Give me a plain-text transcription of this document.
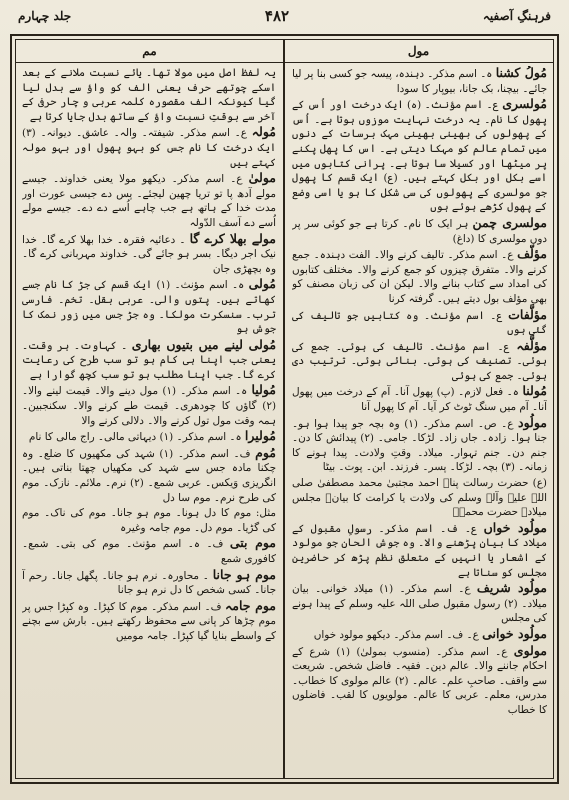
جلد چہارم	۴۸۲	فرہنگِ آصفیہ
مم	مول

مُولُ کشنا ہ۔ اسم مذکر۔ دہندہ، پیسہ جو کسی بنا پر لیا جائے۔ بیچنا، بک جانا، بیوپار کا سودا

مُولسری ع۔ اسم مؤنث۔ (ہ) ایک درخت اور اُس کے پھول کا نام۔ یہ درخت نہایت موزوں ہوتا ہے۔ اُس کے پھولوں کی بھینی بھینی مہک برسات کے دنوں میں تمام عالم کو مہکا دیتی ہے۔ اس کا پھل پکنے پر میٹھا اور کسیلا سا ہوتا ہے۔ پرانی کتابوں میں اسے بکل اور بکل کہتے ہیں۔ (ع) ایک قسم کا پھول جو مولسری کے پھولوں کی سی شکل کا ہو یا اسی وضع کے پھول کڑھے ہوئے ہوں

مولسری چمن ہر ایک کا نام۔ کرتا ہے جو کوئی سر پر دوں مولسری کا (داغ)

مؤلّف ع۔ اسم مذکر۔ تالیف کرنے والا۔ الفت دہندہ۔ جمع کرنے والا۔ متفرق چیزوں کو جمع کرنے والا۔ مختلف کتابوں کی امداد سے کتاب بنانے والا۔ لیکن ان کی زبان مصنف کو بھی مؤلف بول دیتے ہیں۔ گرفتہ کرنا

مؤلَّفات ع۔ اسم مؤنث۔ وہ کتابیں جو تالیف کی گئی ہوں

مؤلَّفہ ع۔ اسم مؤنث۔ تالیف کی ہوئی۔ جمع کی ہوئی۔ تصنیف کی ہوئی۔ بنائی ہوئی۔ ترتیب دی ہوئی۔ جمع کی ہوئی

مُولنا ہ۔ فعل لازم۔ (پ) پھول آنا۔ آم کے درخت میں پھول آنا۔ آم میں سنگ ٹوٹ کر آیا۔ آم کا پھول آنا

مولُود ع۔ ص۔ اسم مذکر۔ (۱) وہ بچہ جو پیدا ہوا ہو۔ جنا ہوا۔ زادہ۔ جاں زاد۔ لڑکا۔ جامی۔ (۲) پیدائش کا دن۔ جنم دن۔ جنم تہوار۔ میلاد۔ وقتِ ولادت۔ پیدا ہونے کا زمانہ۔ (۳) بچہ۔ لڑکا۔ پسر۔ فرزند۔ ابن۔ پوت۔ بیٹا

(ع) حضرت رسالت پناہ احمد مجتبیٰ محمد مصطفیٰ صلی اللہ علیہ وآلہ وسلم کی ولادت یا کرامت کا بیان۔ مجلس میلاد۔ حضرت محمدؐ

مولُود خواں ع۔ ف۔ اسم مذکر۔ رسولِ مقبول کے میلاد کا بیان پڑھنے والا۔ وہ جوش الحان جو مولود کے اشعار یا انہیں کے متعلق نظم پڑھ کر حاضرین مجلس کو سناتا ہے

مولُود شریف ع۔ اسم مذکر۔ (۱) میلاد خوانی۔ بیان میلاد۔ (۲) رسول مقبول صلی اللہ علیہ وسلم کے پیدا ہونے کی مجلس

مولُود خوانی ع۔ ف۔ اسم مذکر۔ دیکھو مولود خواں

مولوی ع۔ اسم مذکر۔ (منسوب بمولیٰ) (۱) شرع کے احکام جاننے والا۔ عالم دین۔ فقیہ۔ فاضل شخص۔ شریعت سے واقف۔ صاحبِ علم۔ عالم۔ (۲) عالم مولوی کا خطاب۔ مدرس، معلم۔ عربی کا عالم۔ مولویوں کا لقب۔ فاضلوں کا خطاب

یہ لفظ اصل میں مولا تھا۔ یائے نسبت ملانے کے بعد اسکے چوتھے حرف یعنی الف کو واؤ سے بدل لیا گیا کیونکہ الف مقصورہ کلمہ عربی و چار حرفی کے آخر سے بوقتِ نسبت واؤ کے ساتھ بدل جایا کرتا ہے

مُولہ ع۔ اسم مذکر۔ شیفتہ۔ والہ۔ عاشق۔ دیوانہ۔ (۳) ایک درخت کا نام جس کو بہو پھول اور بہو مولہ کہتے ہیں

مولیٰ ع۔ اسم مذکر۔ دیکھو مولا یعنی خداوند۔ جیسے مولے آدھ پا تو تریا چھین لیجئے۔ پس دے جیسی عورت اور مدت خدا کے ہاتھ ہے جب چاہے اُسے دے دے۔ جیسے مولے اُسے دے آسف الدّولہ

مولے بھلا کرے گا ۔ دعائیہ فقرہ۔ خدا بھلا کرے گا۔ خدا نیک اجر دیگا۔ بسر ہو جائے گی۔ خداوند مہربانی کرے گا۔ وہ بچھڑی جان

مُولی ہ۔ اسم مؤنث۔ (۱) ایک قسم کی جڑ کا نام جسے کھاتے ہیں۔ پتوں والی۔ عربی بقل۔ تخم۔ فارسی ترب۔ سنسکرت مولکا۔ وہ جڑ جس میں زور نمک کا جوش ہو

مُولی لینے میں بتیوں بھاری ۔ کہاوت۔ ہر وقت۔ یعنی جب اپنا ہی کام ہو تو سب طرح کی رعایت کرے گا۔ جب اپنا مطلب ہو تو سب کچھ گوارا ہے

مُولیا ہ۔ اسم مذکر۔ (۱) مول دینے والا۔ قیمت لینے والا۔ (۲) گاؤں کا چودھری۔ قیمت طے کرنے والا۔ سکنجبین۔ ہمہ وقت مول تول کرنے والا۔ دلالی کرنے والا

مُولیرا ہ۔ اسم مذکر۔ (۱) دیہاتی مالی۔ راج مالی کا نام

مُوم ف۔ اسم مذکر۔ (۱) شہد کی مکھیوں کا ضلع۔ وہ چکنا مادہ جس سے شہد کی مکھیاں چھتا بناتی ہیں۔ انگریزی وَیکس۔ عربی شمع۔ (۲) نرم۔ ملائم۔ نازک۔ موم کی طرح نرم۔ موم سا دل

مثل: موم کا دل ہونا۔ موم ہو جانا۔ موم کی ناک۔ موم کی گڑیا۔ موم دل۔ موم جامہ وغیرہ

موم بتی ف۔ ہ۔ اسم مؤنث۔ موم کی بتی۔ شمع۔ کافوری شمع

موم ہو جانا ۔ محاورہ۔ نرم ہو جانا۔ پگھل جانا۔ رحم آ جانا۔ کسی شخص کا دل نرم ہو جانا

موم جامہ ف۔ اسم مذکر۔ موم کا کپڑا۔ وہ کپڑا جس پر موم چڑھا کر پانی سے محفوظ رکھتے ہیں۔ بارش سے بچنے کے واسطے بنایا گیا کپڑا۔ جامہ مومیں
